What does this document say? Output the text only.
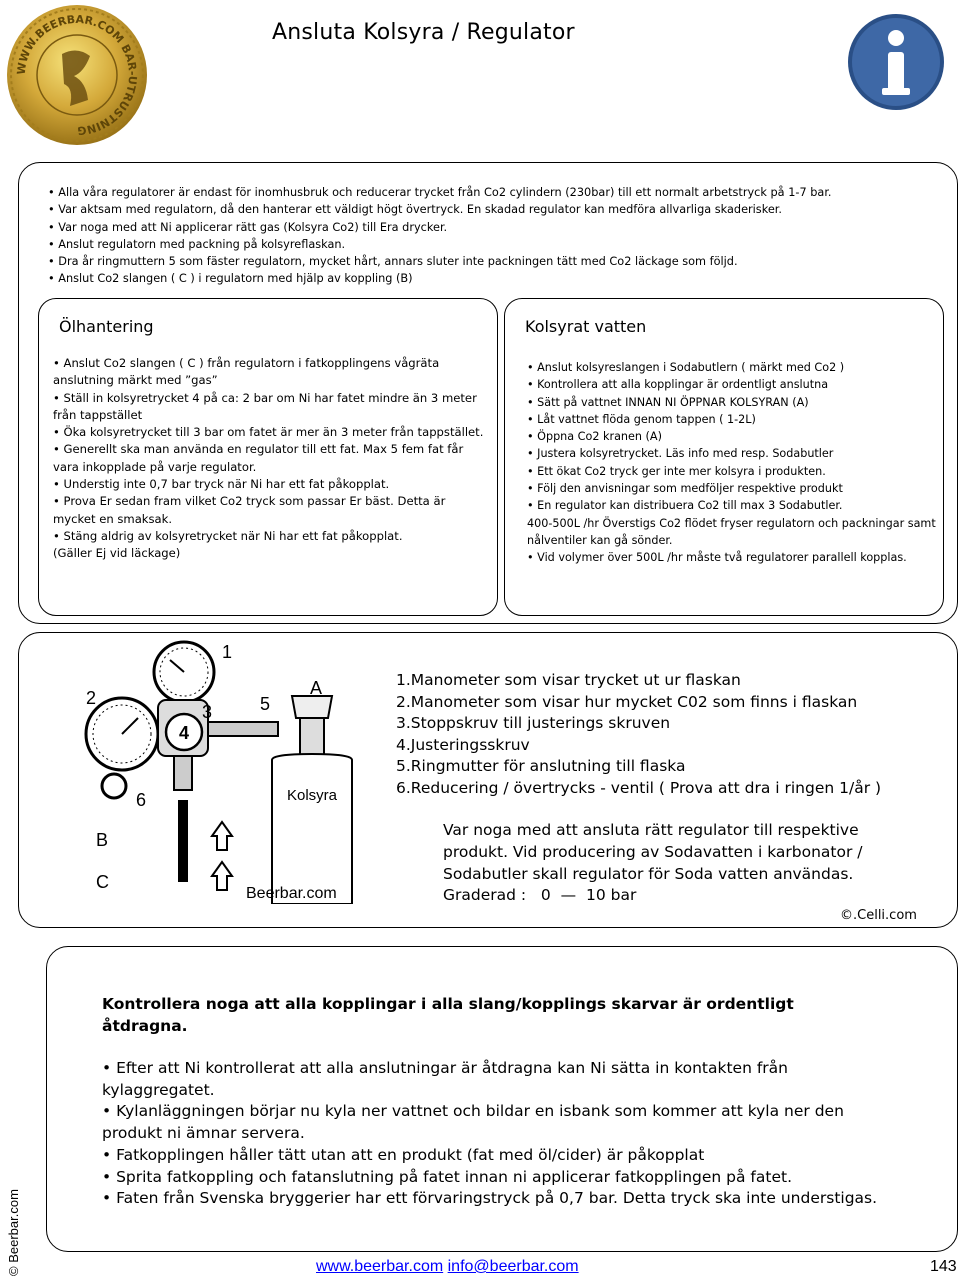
WWW.BEERBAR.COM BAR-UTRUSTNING
Ansluta Kolsyra / Regulator
• Alla våra regulatorer är endast för inomhusbruk och reducerar trycket från Co2 cylindern (230bar) till ett normalt arbetstryck på 1-7 bar.
• Var aktsam med regulatorn, då den hanterar ett väldigt högt övertryck. En skadad regulator kan medföra allvarliga skaderisker.
• Var noga med att Ni applicerar rätt gas (Kolsyra Co2) till Era drycker.
• Anslut regulatorn med packning på kolsyreflaskan.
• Dra år ringmuttern 5 som fäster regulatorn, mycket hårt, annars sluter inte packningen tätt med Co2 läckage som följd.
• Anslut Co2 slangen ( C ) i regulatorn med hjälp av koppling (B)
Ölhantering
• Anslut Co2 slangen ( C ) från regulatorn i fatkopplingens vågräta anslutning märkt med ”gas”
• Ställ in kolsyretrycket 4 på ca: 2 bar om Ni har fatet mindre än 3 meter från tappstället
• Öka kolsyretrycket till 3 bar om fatet är mer än 3 meter från tappstället.
• Generellt ska man använda en regulator till ett fat. Max 5 fem fat får vara inkopplade på varje regulator.
• Understig inte 0,7 bar tryck när Ni har ett fat påkopplat.
• Prova Er sedan fram vilket Co2 tryck som passar Er bäst. Detta är mycket en smaksak.
• Stäng aldrig av kolsyretrycket när Ni har ett fat påkopplat.
(Gäller Ej vid läckage)
Kolsyrat vatten
• Anslut kolsyreslangen i Sodabutlern ( märkt med Co2 )
• Kontrollera att alla kopplingar är ordentligt anslutna
• Sätt på vattnet INNAN NI ÖPPNAR KOLSYRAN (A)
• Låt vattnet flöda genom tappen ( 1-2L)
• Öppna Co2 kranen (A)
• Justera kolsyretrycket. Läs info med resp. Sodabutler
• Ett ökat Co2 tryck ger inte mer kolsyra i produkten.
• Följ den anvisningar som medföljer respektive produkt
• En regulator kan distribuera Co2 till max 3 Sodabutler.
400-500L /hr Överstigs Co2 flödet fryser regulatorn och packningar samt nålventiler kan gå sönder.
• Vid volymer över 500L /hr måste två regulatorer parallell kopplas.
4
Kolsyra
1
2
3	5
6
A
B
C
Beerbar.com
1.Manometer som visar trycket ut ur flaskan
2.Manometer som visar hur mycket C02 som finns i flaskan
3.Stoppskruv till justerings skruven
4.Justeringsskruv
5.Ringmutter för anslutning till flaska
6.Reducering / övertrycks - ventil ( Prova att dra i ringen 1/år )
Var noga med att ansluta rätt regulator till respektive
produkt. Vid producering av Sodavatten i karbonator /
Sodabutler skall regulator för Soda vatten användas.
Graderad :   0  —  10 bar
©.Celli.com
Kontrollera noga att alla kopplingar i alla slang/kopplings skarvar är ordentligt åtdragna.
• Efter att Ni kontrollerat att alla anslutningar är åtdragna kan Ni sätta in kontakten från kylaggregatet.
• Kylanläggningen börjar nu kyla ner vattnet och bildar en isbank som kommer att kyla ner den produkt ni ämnar servera.
• Fatkopplingen håller tätt utan att en produkt (fat med öl/cider) är påkopplat
• Sprita fatkoppling och fatanslutning på fatet innan ni applicerar fatkopplingen på fatet.
• Faten från Svenska bryggerier har ett förvaringstryck på 0,7 bar. Detta tryck ska inte understigas.
© Beerbar.com	www.beerbar.com info@beerbar.com	143
